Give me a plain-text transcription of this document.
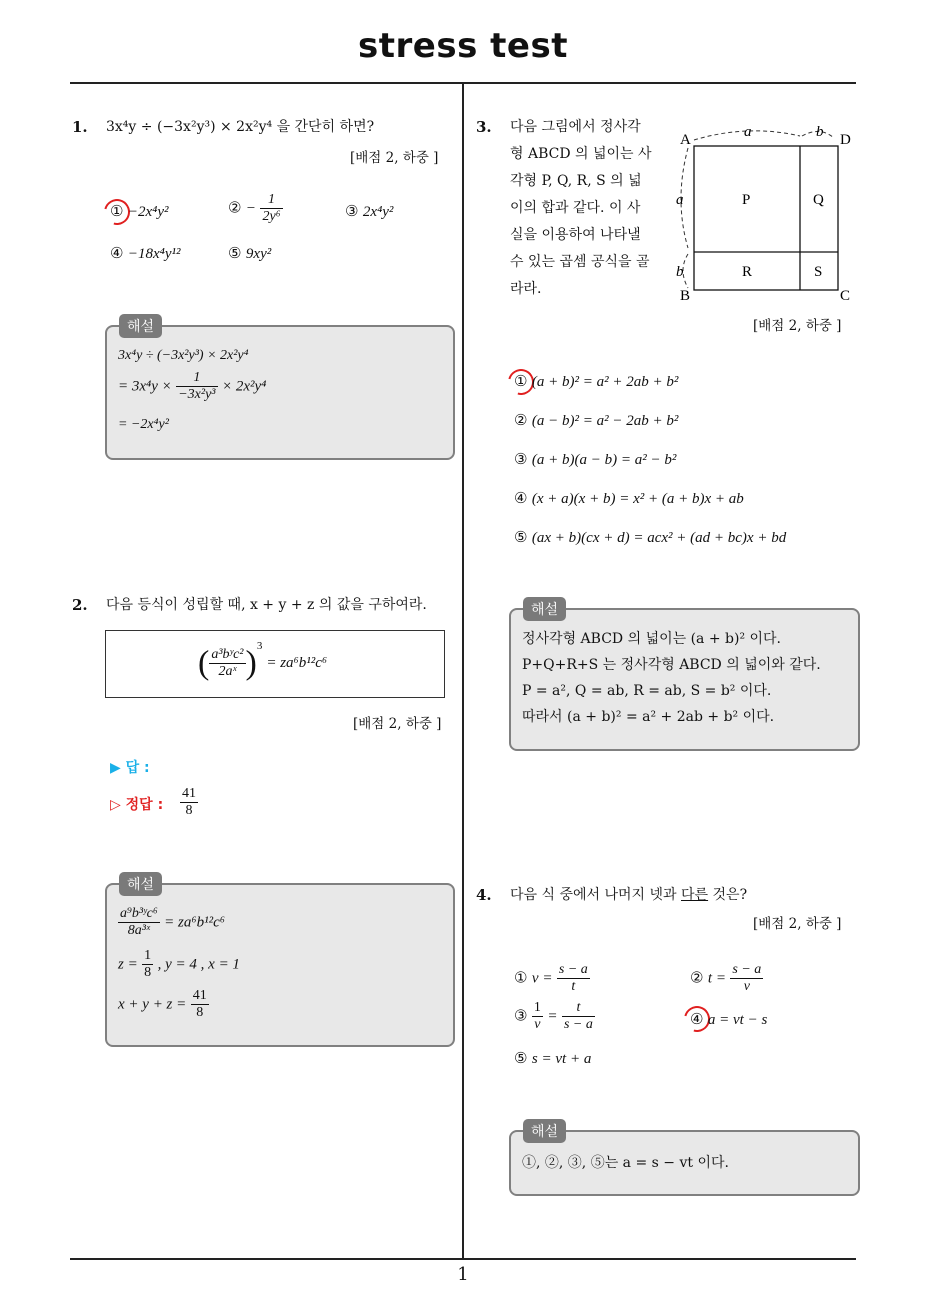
stress test
1
1. 3x⁴y ÷ (−3x²y³) × 2x²y⁴ 을 간단히 하면?
[배점 2, 하중 ]
① −2x⁴y²	② − $\frac{1}{\text{2y⁶}}$	③ 2x⁴y²
④ −18x⁴y¹²	⑤ 9xy²
해설
3x⁴y ÷ (−3x²y³) × 2x²y⁴
= $3x^4y \times \frac{1}{\text{−3x²y³}} \times 2x^2y^4$
= −2x⁴y²
2. 다음 등식이 성립할 때, x + y + z 의 값을 구하여라.
( $\frac{\text{a³bʸc²}}{\text{2aˣ}} )^3 = za^6b^{12}c^6$
[배점 2, 하중 ]
▶ 답 :
▷ 정답 : $\frac{41}{8}$
해설
$\frac{\text{a⁹b³ʸc⁶}}{\text{8a³ˣ}} = za^6b^{12}c^6$
$z = \frac{1}{8}$ , y = 4 , x = 1
$x + y + z = \frac{41}{8}$
3. 다음 그림에서 정사각
형 ABCD 의 넓이는 사
각형 P, Q, R, S 의 넓
이의 합과 같다. 이 사
실을 이용하여 나타낼
수 있는 곱셈 공식을 골
라라.
A	D
B	C
a	b
a
b
P	Q
R	S
[배점 2, 하중 ]
① (a + b)² = a² + 2ab + b²
② (a − b)² = a² − 2ab + b²
③ (a + b)(a − b) = a² − b²
④ (x + a)(x + b) = x² + (a + b)x + ab
⑤ (ax + b)(cx + d) = acx² + (ad + bc)x + bd
해설
정사각형 ABCD 의 넓이는 (a + b)² 이다.
P+Q+R+S 는 정사각형 ABCD 의 넓이와 같다.
P = a², Q = ab, R = ab, S = b² 이다.
따라서 (a + b)² = a² + 2ab + b² 이다.
4. 다음 식 중에서 나머지 넷과 다른 것은?
[배점 2, 하중 ]
① $v = \frac{s - a}{t}$	② $t = \frac{s - a}{v}$
③ $\frac{1}{v} = \frac{t}{s - a}$	④ a = vt − s
⑤ s = vt + a
해설
①, ②, ③, ⑤는 a = s − vt 이다.
